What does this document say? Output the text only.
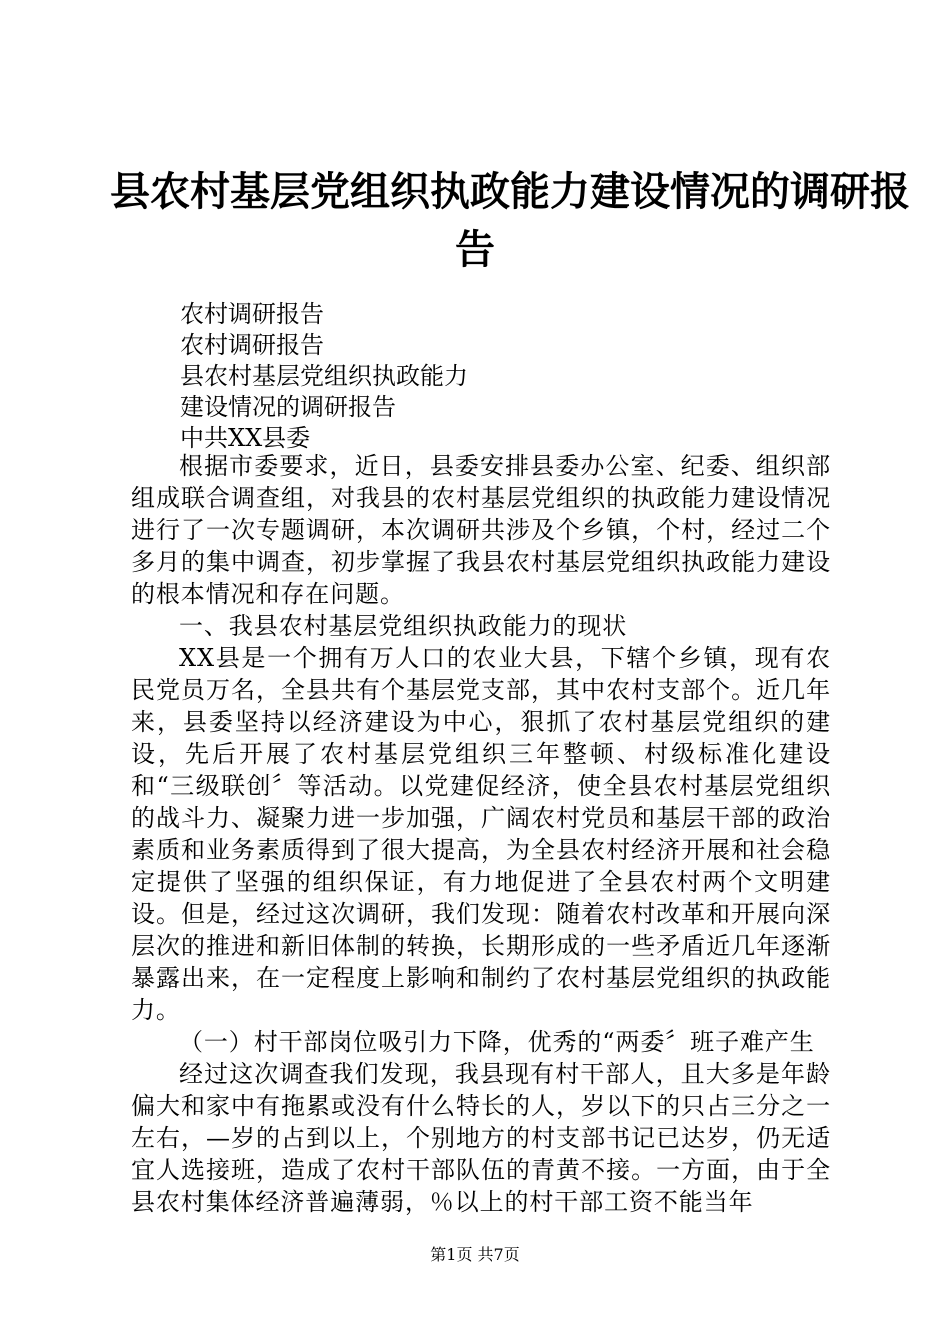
县农村基层党组织执政能力建设情况的调研报
告
农村调研报告
农村调研报告
县农村基层党组织执政能力
建设情况的调研报告
中共XX县委

根据市委要求，近日，县委安排县委办公室、纪委、组织部组成联合调查组，对我县的农村基层党组织的执政能力建设情况进行了一次专题调研，本次调研共涉及个乡镇，个村，经过二个多月的集中调查，初步掌握了我县农村基层党组织执政能力建设的根本情况和存在问题。

一、我县农村基层党组织执政能力的现状

XX县是一个拥有万人口的农业大县，下辖个乡镇，现有农民党员万名，全县共有个基层党支部，其中农村支部个。近几年来，县委坚持以经济建设为中心，狠抓了农村基层党组织的建设，先后开展了农村基层党组织三年整顿、村级标准化建设和“三级联创〞等活动。以党建促经济，使全县农村基层党组织的战斗力、凝聚力进一步加强，广阔农村党员和基层干部的政治素质和业务素质得到了很大提高，为全县农村经济开展和社会稳定提供了坚强的组织保证，有力地促进了全县农村两个文明建设。但是，经过这次调研，我们发现：随着农村改革和开展向深层次的推进和新旧体制的转换，长期形成的一些矛盾近几年逐渐暴露出来，在一定程度上影响和制约了农村基层党组织的执政能力。

（一）村干部岗位吸引力下降，优秀的“两委〞班子难产生

经过这次调查我们发现，我县现有村干部人，且大多是年龄偏大和家中有拖累或没有什么特长的人，岁以下的只占三分之一左右，—岁的占到以上，个别地方的村支部书记已达岁，仍无适宜人选接班，造成了农村干部队伍的青黄不接。一方面，由于全县农村集体经济普遍薄弱，％以上的村干部工资不能当年

第1页 共7页
